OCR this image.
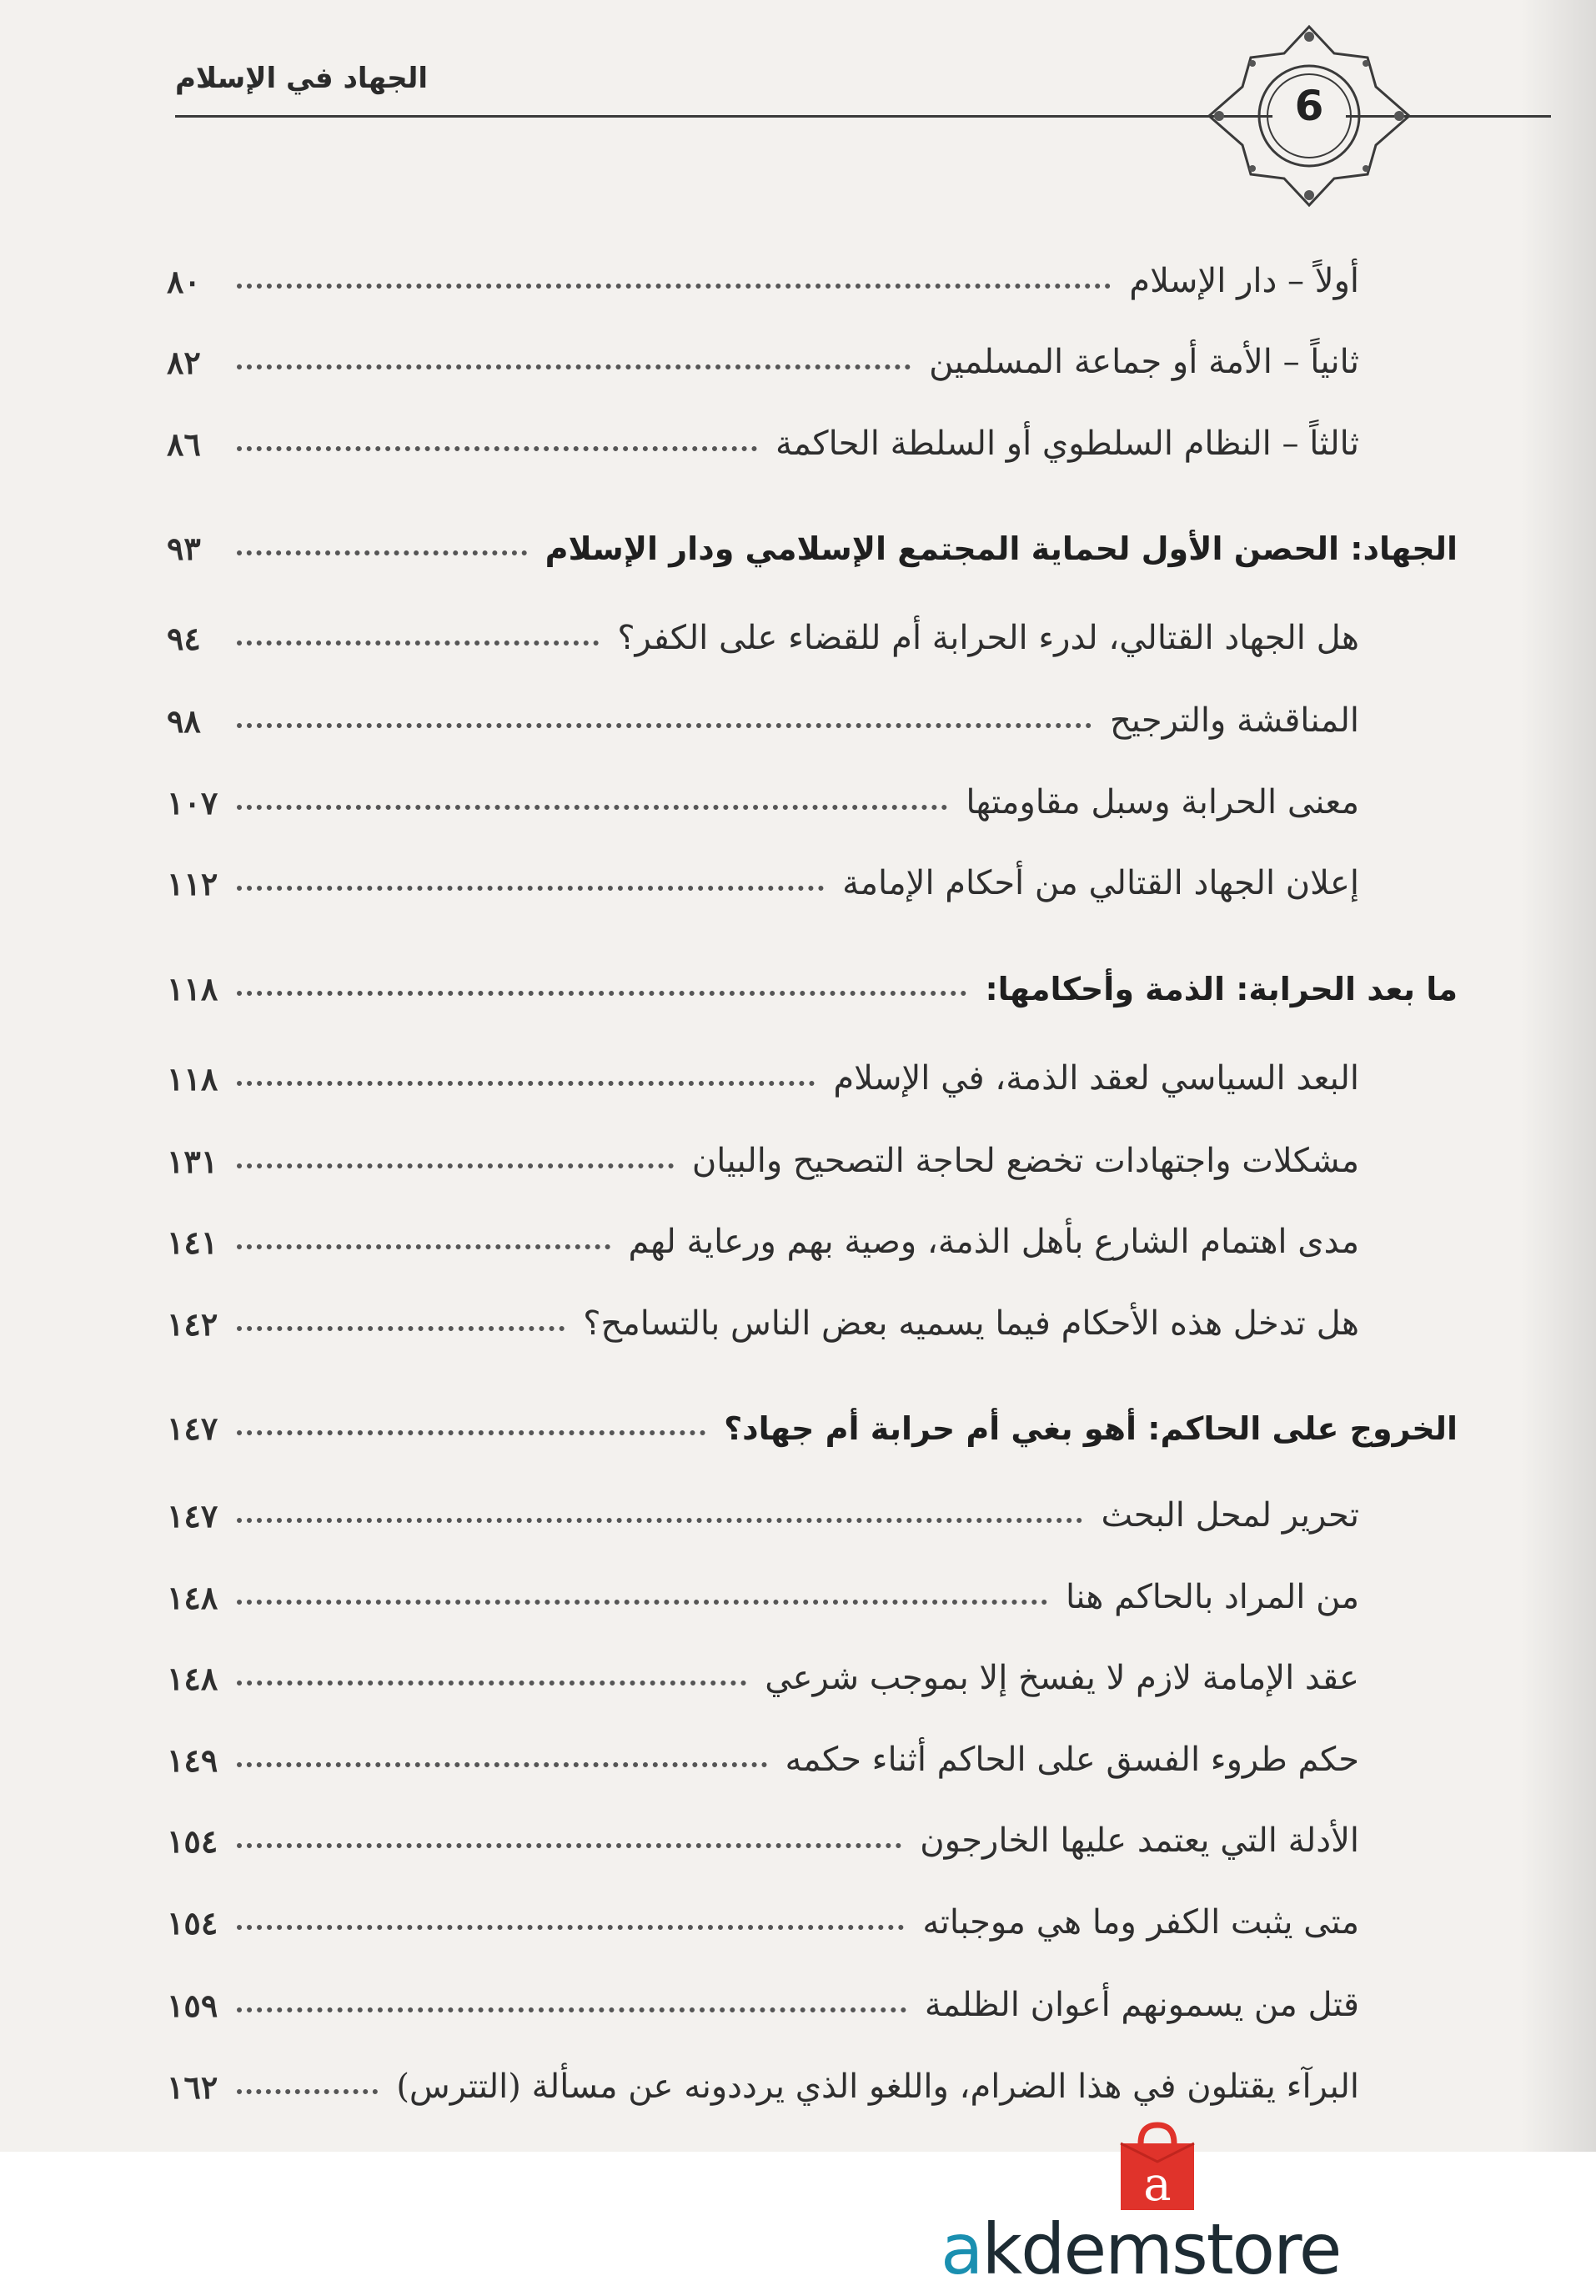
الجهاد في الإسلام
6
أولاً – دار الإسلام
٨٠
ثانياً – الأمة أو جماعة المسلمين
٨٢
ثالثاً – النظام السلطوي أو السلطة الحاكمة
٨٦
الجهاد: الحصن الأول لحماية المجتمع الإسلامي ودار الإسلام
٩٣
هل الجهاد القتالي، لدرء الحرابة أم للقضاء على الكفر؟
٩٤
المناقشة والترجيح
٩٨
معنى الحرابة وسبل مقاومتها
١٠٧
إعلان الجهاد القتالي من أحكام الإمامة
١١٢
ما بعد الحرابة: الذمة وأحكامها:
١١٨
البعد السياسي لعقد الذمة، في الإسلام
١١٨
مشكلات واجتهادات تخضع لحاجة التصحيح والبيان
١٣١
مدى اهتمام الشارع بأهل الذمة، وصية بهم ورعاية لهم
١٤١
هل تدخل هذه الأحكام فيما يسميه بعض الناس بالتسامح؟
١٤٢
الخروج على الحاكم: أهو بغي أم حرابة أم جهاد؟
١٤٧
تحرير لمحل البحث
١٤٧
من المراد بالحاكم هنا
١٤٨
عقد الإمامة لازم لا يفسخ إلا بموجب شرعي
١٤٨
حكم طروء الفسق على الحاكم أثناء حكمه
١٤٩
الأدلة التي يعتمد عليها الخارجون
١٥٤
متى يثبت الكفر وما هي موجباته
١٥٤
قتل من يسمونهم أعوان الظلمة
١٥٩
البرآء يقتلون في هذا الضرام، واللغو الذي يرددونه عن مسألة (التترس)
١٦٢
a
akdemstore
